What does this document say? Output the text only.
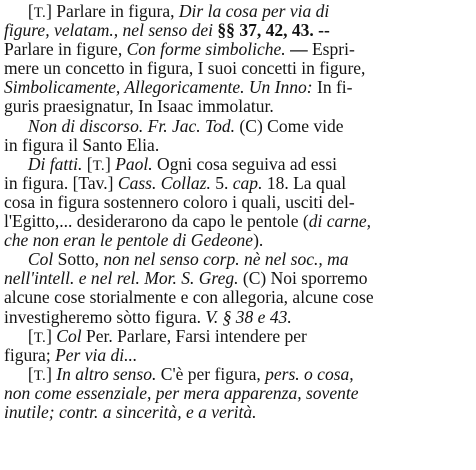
[T.] Parlare in figura, Dir la cosa per via di
figure, velatam., nel senso dei §§ 37, 42, 43. --
Parlare in figure, Con forme simboliche. — Espri-
mere un concetto in figura, I suoi concetti in figure,
Simbolicamente, Allegoricamente. Un Inno: In fi-
guris praesignatur, In Isaac immolatur.
Non di discorso. Fr. Jac. Tod. (C) Come vide
in figura il Santo Elia.
Di fatti. [T.] Paol. Ogni cosa seguiva ad essi
in figura. [Tav.] Cass. Collaz. 5. cap. 18. La qual
cosa in figura sostennero coloro i quali, usciti del-
l'Egitto,... desiderarono da capo le pentole (di carne,
che non eran le pentole di Gedeone).
Col Sotto, non nel senso corp. nè nel soc., ma
nell'intell. e nel rel. Mor. S. Greg. (C) Noi sporremo
alcune cose storialmente e con allegoria, alcune cose
investigheremo sòtto figura. V. § 38 e 43.
[T.] Col Per. Parlare, Farsi intendere per
figura; Per via di...
[T.] In altro senso. C'è per figura, pers. o cosa,
non come essenziale, per mera apparenza, sovente
inutile; contr. a sincerità, e a verità.
